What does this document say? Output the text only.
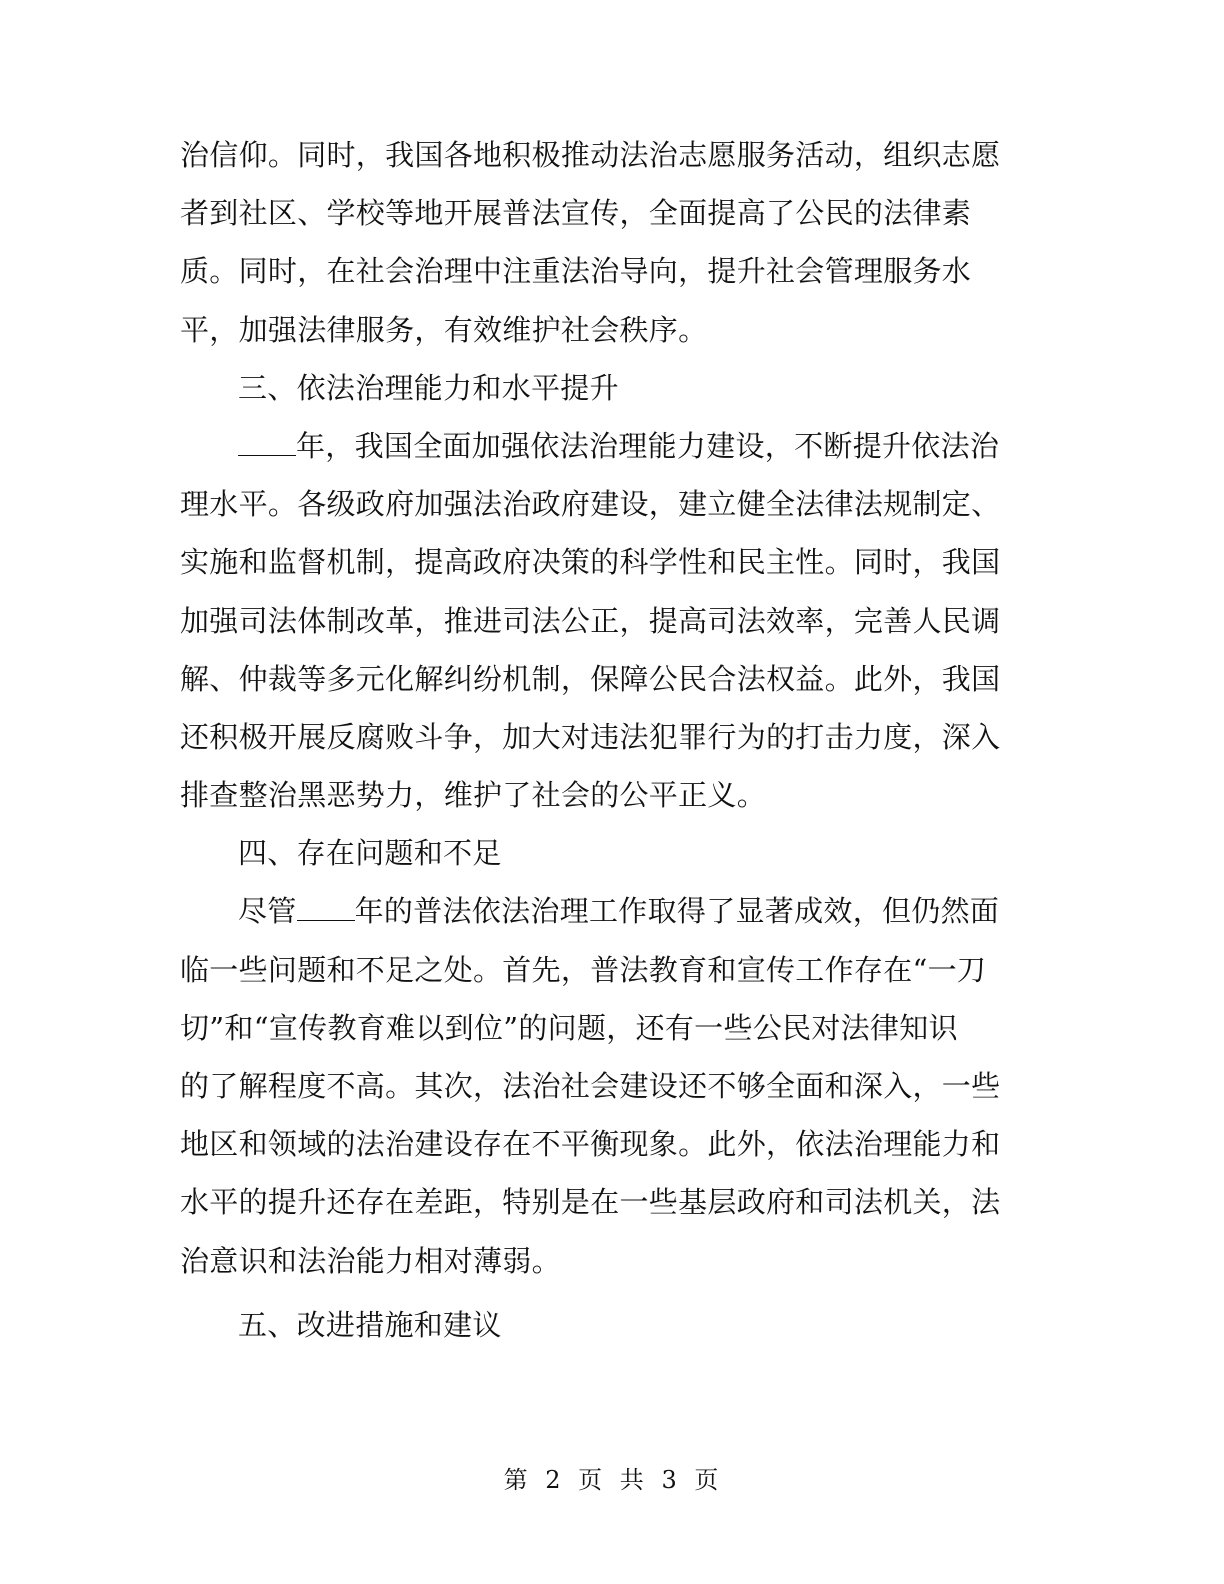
治信仰。同时，我国各地积极推动法治志愿服务活动，组织志愿
者到社区、学校等地开展普法宣传，全面提高了公民的法律素
质。同时，在社会治理中注重法治导向，提升社会管理服务水
平，加强法律服务，有效维护社会秩序。
三、依法治理能力和水平提升
年，我国全面加强依法治理能力建设，不断提升依法治
理水平。各级政府加强法治政府建设，建立健全法律法规制定、
实施和监督机制，提高政府决策的科学性和民主性。同时，我国
加强司法体制改革，推进司法公正，提高司法效率，完善人民调
解、仲裁等多元化解纠纷机制，保障公民合法权益。此外，我国
还积极开展反腐败斗争，加大对违法犯罪行为的打击力度，深入
排查整治黑恶势力，维护了社会的公平正义。
四、存在问题和不足
尽管 年的普法依法治理工作取得了显著成效，但仍然面
临一些问题和不足之处。首先，普法教育和宣传工作存在“一刀
切”和“宣传教育难以到位”的问题，还有一些公民对法律知识
的了解程度不高。其次，法治社会建设还不够全面和深入，一些
地区和领域的法治建设存在不平衡现象。此外，依法治理能力和
水平的提升还存在差距，特别是在一些基层政府和司法机关，法
治意识和法治能力相对薄弱。
五、改进措施和建议
第 2 页 共 3 页
